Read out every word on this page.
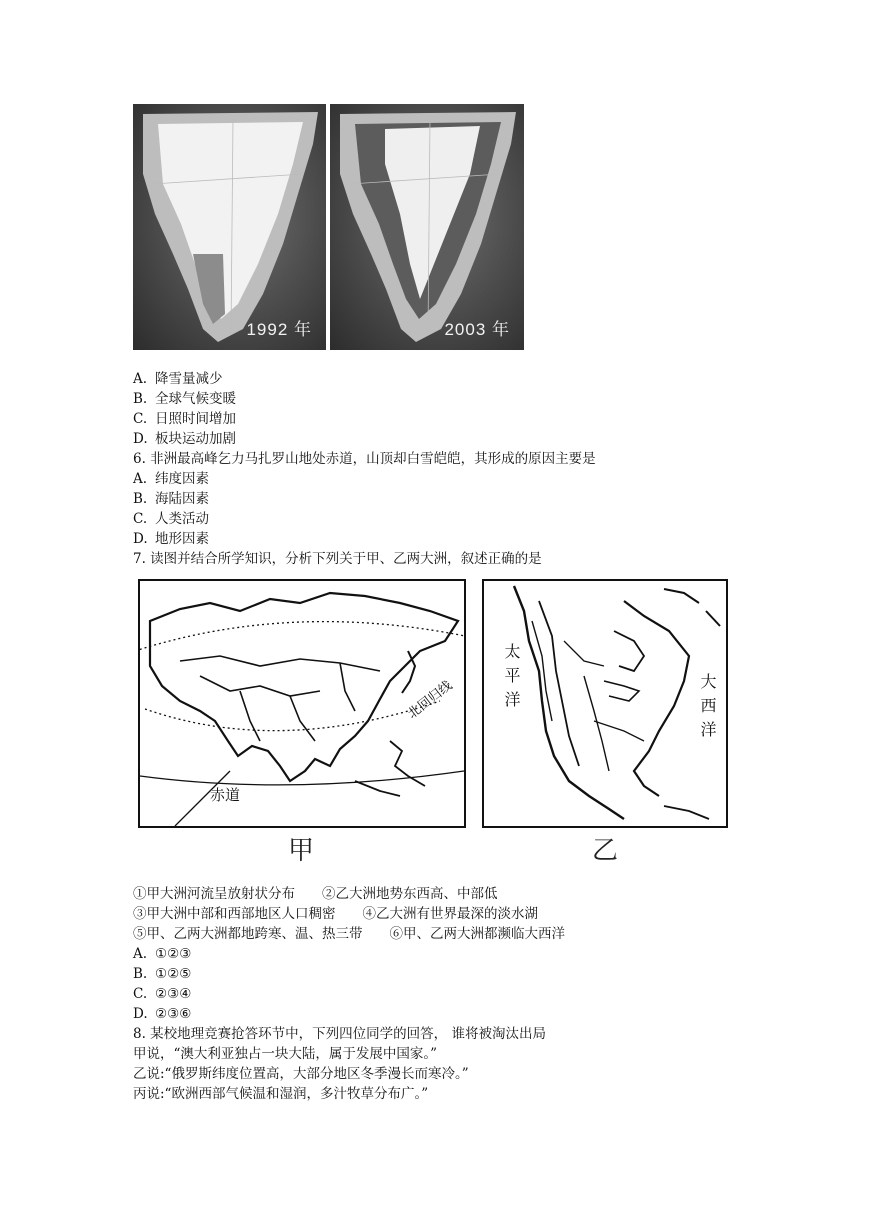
1992 年	2003 年
A. 降雪量减少
B. 全球气候变暖
C. 日照时间增加
D. 板块运动加剧
6. 非洲最高峰乞力马扎罗山地处赤道，山顶却白雪皑皑，其形成的原因主要是
A. 纬度因素
B. 海陆因素
C. 人类活动
D. 地形因素
7. 读图并结合所学知识，分析下列关于甲、乙两大洲，叙述正确的是
北回归线
赤道
甲
太平洋	大西洋
乙
①甲大洲河流呈放射状分布　　②乙大洲地势东西高、中部低
③甲大洲中部和西部地区人口稠密　　④乙大洲有世界最深的淡水湖
⑤甲、乙两大洲都地跨寒、温、热三带　　⑥甲、乙两大洲都濒临大西洋
A. ①②③
B. ①②⑤
C. ②③④
D. ②③⑥
8. 某校地理竞赛抢答环节中，下列四位同学的回答， 谁将被淘汰出局
甲说，“澳大利亚独占一块大陆，属于发展中国家。”
乙说:“俄罗斯纬度位置高，大部分地区冬季漫长而寒冷。”
丙说:“欧洲西部气候温和湿润，多汁牧草分布广。”
